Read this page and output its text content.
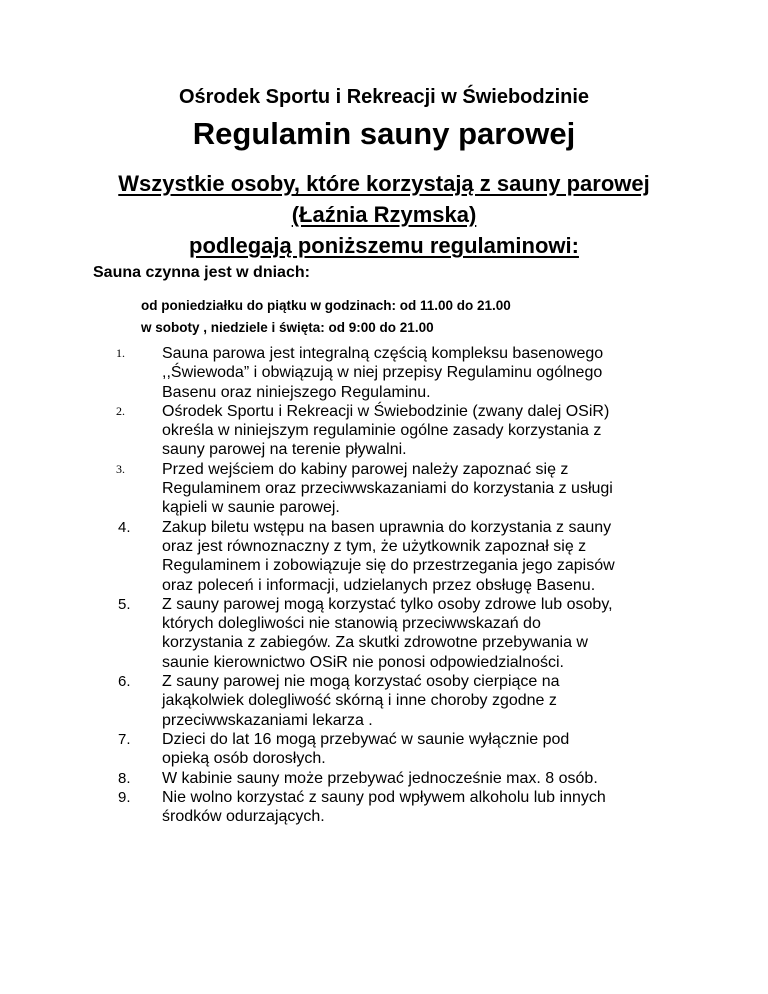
Ośrodek Sportu i Rekreacji w Świebodzinie
Regulamin sauny parowej
Wszystkie osoby, które korzystają z sauny parowej
(Łaźnia Rzymska)
podlegają poniższemu regulaminowi:
Sauna czynna jest w dniach:
od poniedziałku do piątku w godzinach: od 11.00 do 21.00
w soboty , niedziele i święta: od 9:00 do 21.00
1.	Sauna parowa jest integralną częścią kompleksu basenowego
,,Świewoda” i obwiązują w niej przepisy Regulaminu ogólnego
Basenu oraz niniejszego Regulaminu.
2.	Ośrodek Sportu i Rekreacji w Świebodzinie (zwany dalej OSiR)
określa w niniejszym regulaminie ogólne zasady korzystania z
sauny parowej na terenie pływalni.
3.	Przed wejściem do kabiny parowej należy zapoznać się z
Regulaminem oraz przeciwwskazaniami do korzystania z usługi
kąpieli w saunie parowej.
4.	Zakup biletu wstępu na basen uprawnia do korzystania z sauny
oraz jest równoznaczny z tym, że użytkownik zapoznał się z
Regulaminem i zobowiązuje się do przestrzegania jego zapisów
oraz poleceń i informacji, udzielanych przez obsługę Basenu.
5.	Z sauny parowej mogą korzystać tylko osoby zdrowe lub osoby,
których dolegliwości nie stanowią przeciwwskazań do
korzystania z zabiegów. Za skutki zdrowotne przebywania w
saunie kierownictwo OSiR nie ponosi odpowiedzialności.
6.	Z sauny parowej nie mogą korzystać osoby cierpiące na
jakąkolwiek dolegliwość skórną i inne choroby zgodne z
przeciwwskazaniami lekarza .
7.	Dzieci do lat 16 mogą przebywać w saunie wyłącznie pod
opieką osób dorosłych.
8.	W kabinie sauny może przebywać jednocześnie max. 8 osób.
9.	Nie wolno korzystać z sauny pod wpływem alkoholu lub innych
środków odurzających.
